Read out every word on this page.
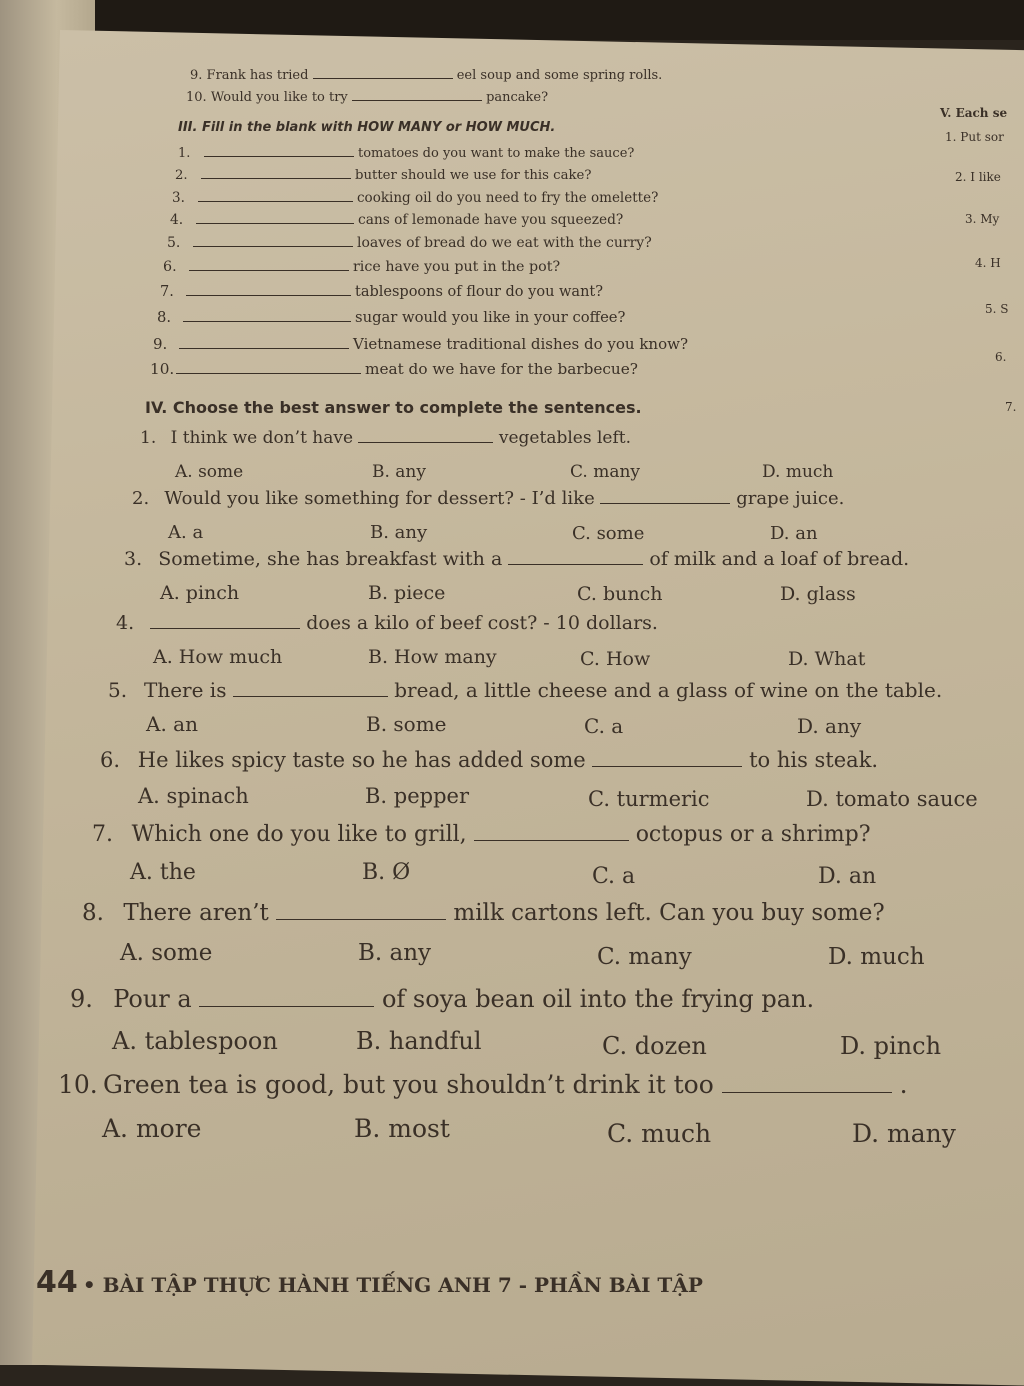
9. Frank has tried	eel soup and some spring rolls.
10. Would you like to try	pancake?
III. Fill in the blank with HOW MANY or HOW MUCH.
1.	tomatoes do you want to make the sauce?
2.	butter should we use for this cake?
3.	cooking oil do you need to fry the omelette?
4.	cans of lemonade have you squeezed?
5.	loaves of bread do we eat with the curry?
6.	rice have you put in the pot?
7.	tablespoons of flour do you want?
8.	sugar would you like in your coffee?
9.	Vietnamese traditional dishes do you know?
10.	meat do we have for the barbecue?
IV. Choose the best answer to complete the sentences.
1. I think we don’t have	vegetables left.
A. some	B. any	C. many	D. much
2. Would you like something for dessert? - I’d like	grape juice.
A. a	B. any	C. some	D. an
3. Sometime, she has breakfast with a	of milk and a loaf of bread.
A. pinch	B. piece	C. bunch	D. glass
4.	does a kilo of beef cost? - 10 dollars.
A. How much	B. How many	C. How	D. What
5. There is	bread, a little cheese and a glass of wine on the table.
A. an	B. some	C. a	D. any
6. He likes spicy taste so he has added some	to his steak.
A. spinach	B. pepper	C. turmeric	D. tomato sauce
7. Which one do you like to grill,	octopus or a shrimp?
A. the	B. Ø	C. a	D. an
8. There aren’t	milk cartons left. Can you buy some?
A. some	B. any	C. many	D. much
9. Pour a	of soya bean oil into the frying pan.
A. tablespoon	B. handful	C. dozen	D. pinch
10. Green tea is good, but you shouldn’t drink it too	.
A. more	B. most	C. much	D. many
V. Each se
1. Put sor
2. I like
3. My
4. H
5. S
6.
7.
44 • BÀI TẬP THỰC HÀNH TIẾNG ANH 7 - PHẦN BÀI TẬP
